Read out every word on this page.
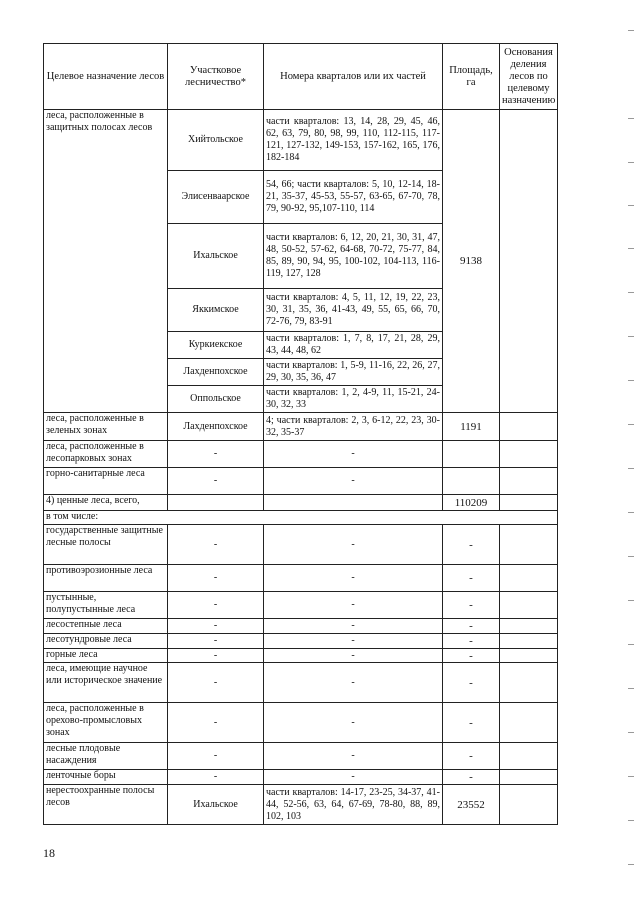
Целевое назначение лесов	Участковое лесничество*	Номера кварталов или их частей	Площадь, га	Основания деления лесов по целевому назначению
леса, расположенные в защитных полосах лесов	Хийтольское	части кварталов: 13, 14, 28, 29, 45, 46, 62, 63, 79, 80, 98, 99, 110, 112-115, 117-121, 127-132, 149-153, 157-162, 165, 176, 182-184	9138	
	Элисенваарское	54, 66; части кварталов: 5, 10, 12-14, 18-21, 35-37, 45-53, 55-57, 63-65, 67-70, 78, 79, 90-92, 95,107-110, 114		
	Ихальское	части кварталов: 6, 12, 20, 21, 30, 31, 47, 48, 50-52, 57-62, 64-68, 70-72, 75-77, 84, 85, 89, 90, 94, 95, 100-102, 104-113, 116-119, 127, 128		
	Яккимское	части кварталов: 4, 5, 11, 12, 19, 22, 23, 30, 31, 35, 36, 41-43, 49, 55, 65, 66, 70, 72-76, 79, 83-91		
	Куркиекское	части кварталов: 1, 7, 8, 17, 21, 28, 29, 43, 44, 48, 62		
	Лахденпохское	части кварталов: 1, 5-9, 11-16, 22, 26, 27, 29, 30, 35, 36, 47		
	Оппольское	части кварталов: 1, 2, 4-9, 11, 15-21, 24-30, 32, 33		
леса, расположенные в зеленых зонах	Лахденпохское	4; части кварталов: 2, 3, 6-12, 22, 23, 30-32, 35-37	1191	
леса, расположенные в лесопарковых зонах	-	-		
горно-санитарные леса	-	-		
4) ценные леса, всего,			110209	
в том числе:				
государственные защитные лесные полосы	-	-	-	
противоэрозионные леса	-	-	-	
пустынные, полупустынные леса	-	-	-	
лесостепные леса	-	-	-	
лесотундровые леса	-	-	-	
горные леса	-	-	-	
леса, имеющие научное или историческое значение	-	-	-	
леса, расположенные в орехово-промысловых зонах	-	-	-	
лесные плодовые насаждения	-	-	-	
ленточные боры	-	-	-	
нерестоохранные полосы лесов	Ихальское	части кварталов: 14-17, 23-25, 34-37, 41-44, 52-56, 63, 64, 67-69, 78-80, 88, 89, 102, 103	23552	
18
